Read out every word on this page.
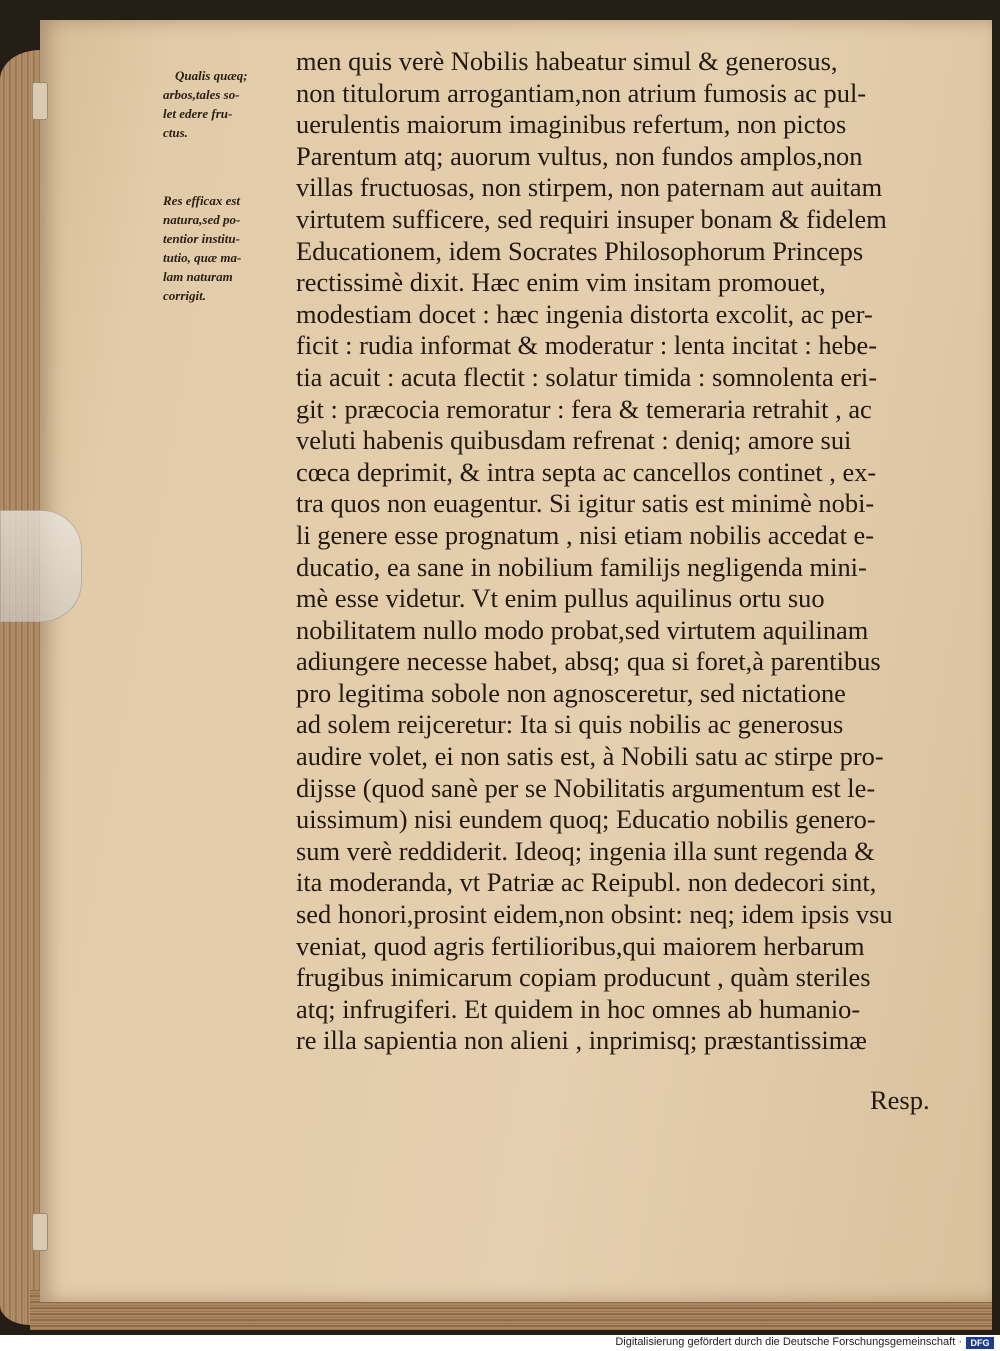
Qualis quæq;
arbos,tales so-
let edere fru-
ctus.
Res efficax est
natura,sed po-
tentior institu-
tutio, quæ ma-
lam naturam
corrigit.
men quis verè Nobilis habeatur simul & generosus,
non titulorum arrogantiam,non atrium fumosis ac pul-
uerulentis maiorum imaginibus refertum, non pictos
Parentum atq; auorum vultus, non fundos amplos,non
villas fructuosas, non stirpem, non paternam aut auitam
virtutem sufficere, sed requiri insuper bonam & fidelem
Educationem, idem Socrates Philosophorum Princeps
rectissimè dixit. Hæc enim vim insitam promouet,
modestiam docet : hæc ingenia distorta excolit, ac per-
ficit : rudia informat & moderatur : lenta incitat : hebe-
tia acuit : acuta flectit : solatur timida : somnolenta eri-
git : præcocia remoratur : fera & temeraria retrahit , ac
veluti habenis quibusdam refrenat : deniq; amore sui
cœca deprimit, & intra septa ac cancellos continet , ex-
tra quos non euagentur. Si igitur satis est minimè nobi-
li genere esse prognatum , nisi etiam nobilis accedat e-
ducatio, ea sane in nobilium familijs negligenda mini-
mè esse videtur. Vt enim pullus aquilinus ortu suo
nobilitatem nullo modo probat,sed virtutem aquilinam
adiungere necesse habet, absq; qua si foret,à parentibus
pro legitima sobole non agnosceretur, sed nictatione
ad solem reijceretur: Ita si quis nobilis ac generosus
audire volet, ei non satis est, à Nobili satu ac stirpe pro-
dijsse (quod sanè per se Nobilitatis argumentum est le-
uissimum) nisi eundem quoq; Educatio nobilis genero-
sum verè reddiderit. Ideoq; ingenia illa sunt regenda &
ita moderanda, vt Patriæ ac Reipubl. non dedecori sint,
sed honori,prosint eidem,non obsint: neq; idem ipsis vsu
veniat, quod agris fertilioribus,qui maiorem herbarum
frugibus inimicarum copiam producunt , quàm steriles
atq; infrugiferi. Et quidem in hoc omnes ab humanio-
re illa sapientia non alieni , inprimisq; præstantissimæ
Resp.
Digitalisierung gefördert durch die Deutsche Forschungsgemeinschaft · DFG
